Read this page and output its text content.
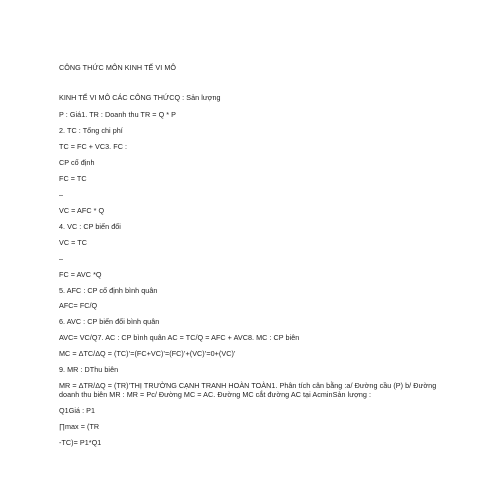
CÔNG THỨC MÔN KINH TẾ VI MÔ
KINH TẾ VI MÔ CÁC CÔNG THỨCQ : Sản lượng
P : Giá1. TR : Doanh thu TR = Q * P
2. TC : Tổng chi phí
TC = FC + VC3. FC :
CP cố định
FC = TC
–
VC = AFC * Q
4. VC : CP biến đổi
VC = TC
–
FC = AVC *Q
5. AFC : CP cố định bình quân
AFC= FC/Q
6. AVC : CP biến đổi bình quân
AVC= VC/Q7. AC : CP bình quân AC = TC/Q = AFC + AVC8. MC : CP biên
MC = ΔTC/ΔQ = (TC)’=(FC+VC)’=(FC)’+(VC)’=0+(VC)’
9. MR : DThu biên
MR = ΔTR/ΔQ = (TR)’THỊ TRƯỜNG CẠNH TRANH HOÀN TOÀN1. Phân tích cân bằng :a/ Đường cầu (P) b/ Đường doanh thu biên MR : MR = Pc/ Đường MC = AC. Đường MC cắt đường AC tại AcminSản lượng :
Q1Giá : P1
∏max = (TR
-TC)= P1*Q1
